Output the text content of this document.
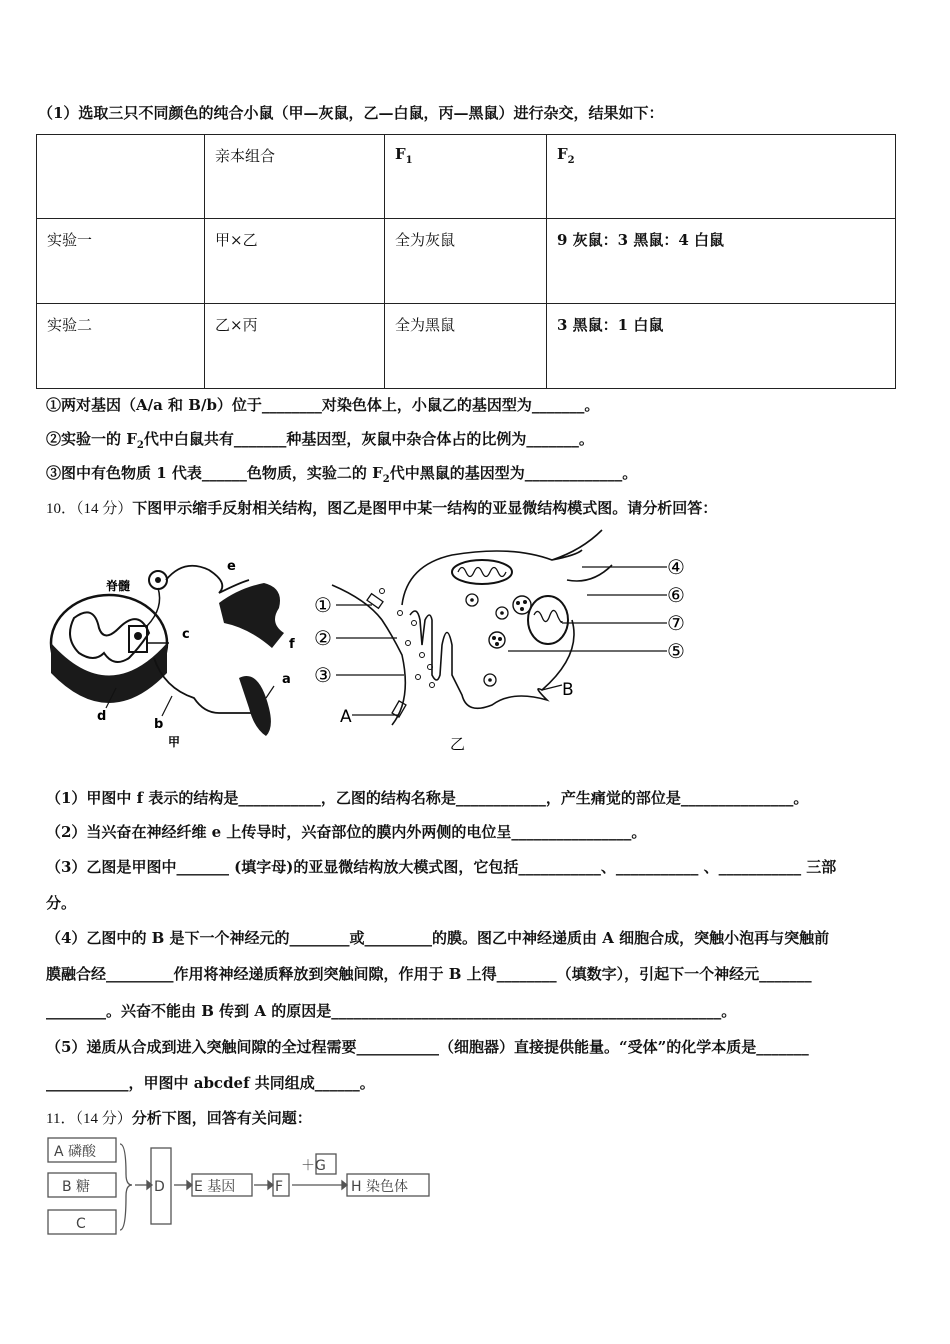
（1）选取三只不同颜色的纯合小鼠（甲—灰鼠，乙—白鼠，丙—黑鼠）进行杂交，结果如下：
	亲本组合	$F_1$	$F_2$
实验一	甲×乙	全为灰鼠	9 灰鼠：3 黑鼠：4 白鼠
实验二	乙×丙	全为黑鼠	3 黑鼠：1 白鼠
①两对基因（A/a 和 B/b）位于________对染色体上，小鼠乙的基因型为_______。
②实验一的 $F_2$代中白鼠共有_______种基因型，灰鼠中杂合体占的比例为_______。
③图中有色物质 1 代表______色物质，实验二的 $F_2$代中黑鼠的基因型为_____________。
10．（14 分）下图甲示缩手反射相关结构，图乙是图甲中某一结构的亚显微结构模式图。请分析回答：
脊髓
c
e
f
a
d
b
甲
①
②
③
A
④
⑥
⑦
⑤
B
乙
（1）甲图中 f 表示的结构是___________，乙图的结构名称是____________，产生痛觉的部位是_______________。
（2）当兴奋在神经纤维 e 上传导时，兴奋部位的膜内外两侧的电位呈________________。
（3）乙图是甲图中_______ (填字母)的亚显微结构放大模式图，它包括___________、___________ 、___________ 三部
分。
（4）乙图中的 B 是下一个神经元的________或_________的膜。图乙中神经递质由 A 细胞合成，突触小泡再与突触前
膜融合经_________作用将神经递质释放到突触间隙，作用于 B 上得________（填数字），引起下一个神经元_______
________。兴奋不能由 B 传到 A 的原因是____________________________________________________。
（5）递质从合成到进入突触间隙的全过程需要___________（细胞器）直接提供能量。“受体”的化学本质是_______
___________，甲图中 abcdef 共同组成______。
11．（14 分）分析下图，回答有关问题：
A 磷酸
B 糖
C
D E 基因	F
＋G
H 染色体
